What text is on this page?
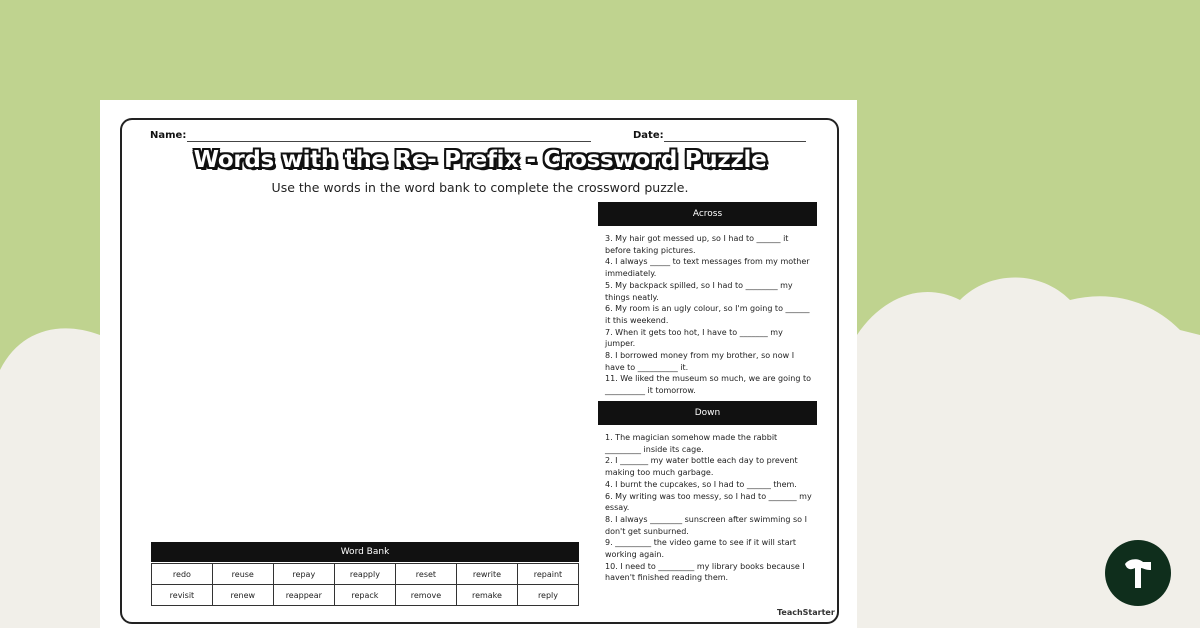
Name:	Date:
Words with the Re- Prefix - Crossword Puzzle
Use the words in the word bank to complete the crossword puzzle.
Across
3. My hair got messed up, so I had to ______ it before taking pictures.
4. I always _____ to text messages from my mother immediately.
5. My backpack spilled, so I had to ________ my things neatly.
6. My room is an ugly colour, so I'm going to ______ it this weekend.
7. When it gets too hot, I have to _______ my jumper.
8. I borrowed money from my brother, so now I have to __________ it.
11. We liked the museum so much, we are going to __________ it tomorrow.
Down
1. The magician somehow made the rabbit _________ inside its cage.
2. I _______ my water bottle each day to prevent making too much garbage.
4. I burnt the cupcakes, so I had to ______ them.
6. My writing was too messy, so I had to _______ my essay.
8. I always ________ sunscreen after swimming so I don't get sunburned.
9. _________ the video game to see if it will start working again.
10. I need to _________ my library books because I haven't finished reading them.
Word Bank
redo	reuse	repay	reapply	reset	rewrite	repaint
revisit	renew	reappear	repack	remove	remake	reply
TeachStarter
